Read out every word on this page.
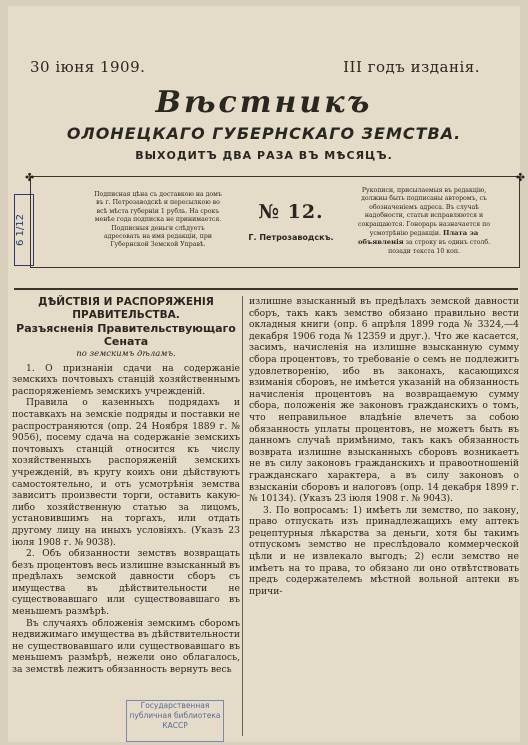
30 іюня 1909.	III годъ изданія.
Вѣстникъ
ОЛОНЕЦКАГО ГУБЕРНСКАГО ЗЕМСТВА.
ВЫХОДИТЪ ДВА РАЗА ВЪ МѢСЯЦЪ.
✤	✤
Подписная цѣна съ доставкою на домъ въ г. Петрозаводскѣ и пересылкою во всѣ мѣста губерніи 1 рубль. На срокъ менѣе года подписка не принимается. Подписныя деньги слѣдуетъ адресовать на имя редакціи, при Губернской Земской Управѣ.
№ 12.
Г. Петрозаводскъ.
Рукописи, присылаемыя въ редакцію, должны быть подписаны авторомъ, съ обозначеніемъ адреса. Въ случаѣ надобности, статьи исправляются и сокращаются. Гонорарь назначается по усмотрѣнію редакціи. Плата за объявленія за строку въ одинъ столб. позади текста 10 коп.
6 1/12
ДѢЙСТВІЯ И РАСПОРЯЖЕНІЯ ПРАВИТЕЛЬСТВА.
Разъясненія Правительствующаго Сената
по земскимъ дѣламъ.

1. О признаніи сдачи на содержаніе земскихъ почтовыхъ станцій хозяйственнымъ распоряженіемъ земскихъ учрежденій.

Правила о казенныхъ подрядахъ и поставкахъ на земскіе подряды и поставки не распространяются (опр. 24 Ноября 1889 г. № 9056), посему сдача на содержаніе земскихъ почтовыхъ станцій относится къ числу хозяйственныхъ распоряженій земскихъ учрежденій, въ кругу коихъ они дѣйствуютъ самостоятельно, и отъ усмотрѣнія земства зависитъ произвести торги, оставить какую-либо хозяйственную статью за лицомъ, установившимъ на торгахъ, или отдать другому лицу на иныхъ условіяхъ. (Указъ 23 іюля 1908 г. № 9038).

2. Объ обязанности земствъ возвращать безъ процентовъ весь излишне взысканный въ предѣлахъ земской давности сборъ съ имущества въ дѣйствительности не существовавшаго или существовавшаго въ меньшемъ размѣрѣ.

Въ случаяхъ обложенія земскимъ сборомъ недвижимаго имущества въ дѣйствительности не существовавшаго или существовавшаго въ меньшемъ размѣрѣ, нежели оно облагалось, за земствѣ лежитъ обязанность вернуть весь

излишне взысканный въ предѣлахъ земской давности сборъ, такъ какъ земство обязано правильно вести окладныя книги (опр. 6 апрѣля 1899 года № 3324,—4 декабря 1906 года № 12359 и друг.). Что же касается, засимъ, начисленія на излишне взысканную сумму сбора процентовъ, то требованіе о семъ не подлежитъ удовлетворенію, ибо въ законахъ, касающихся взиманія сборовъ, не имѣется указаній на обязанность начисленія процентовъ на возвращаемую сумму сбора, положенія же законовъ гражданскихъ о томъ, что неправильное владѣніе влечетъ за собою обязанность уплаты процентовъ, не можетъ быть въ данномъ случаѣ примѣнимо, такъ какъ обязанность возврата излишне взысканныхъ сборовъ возникаетъ не въ силу законовъ гражданскихъ и правоотношеній гражданскаго характера, а въ силу законовъ о взысканіи сборовъ и налоговъ (опр. 14 декабря 1899 г. № 10134). (Указъ 23 іюля 1908 г. № 9043).

3. По вопросамъ: 1) имѣетъ ли земство, по закону, право отпускать изъ принадлежащихъ ему аптекъ рецептурныя лѣкарства за деньги, хотя бы такимъ отпускомъ земство не преслѣдовало коммерческой цѣли и не извлекало выгодъ; 2) если земство не имѣетъ на то права, то обязано ли оно отвѣтствовать предъ содержателемъ мѣстной вольной аптеки въ причи-

Государственная
публичная библиотека
КАССР
